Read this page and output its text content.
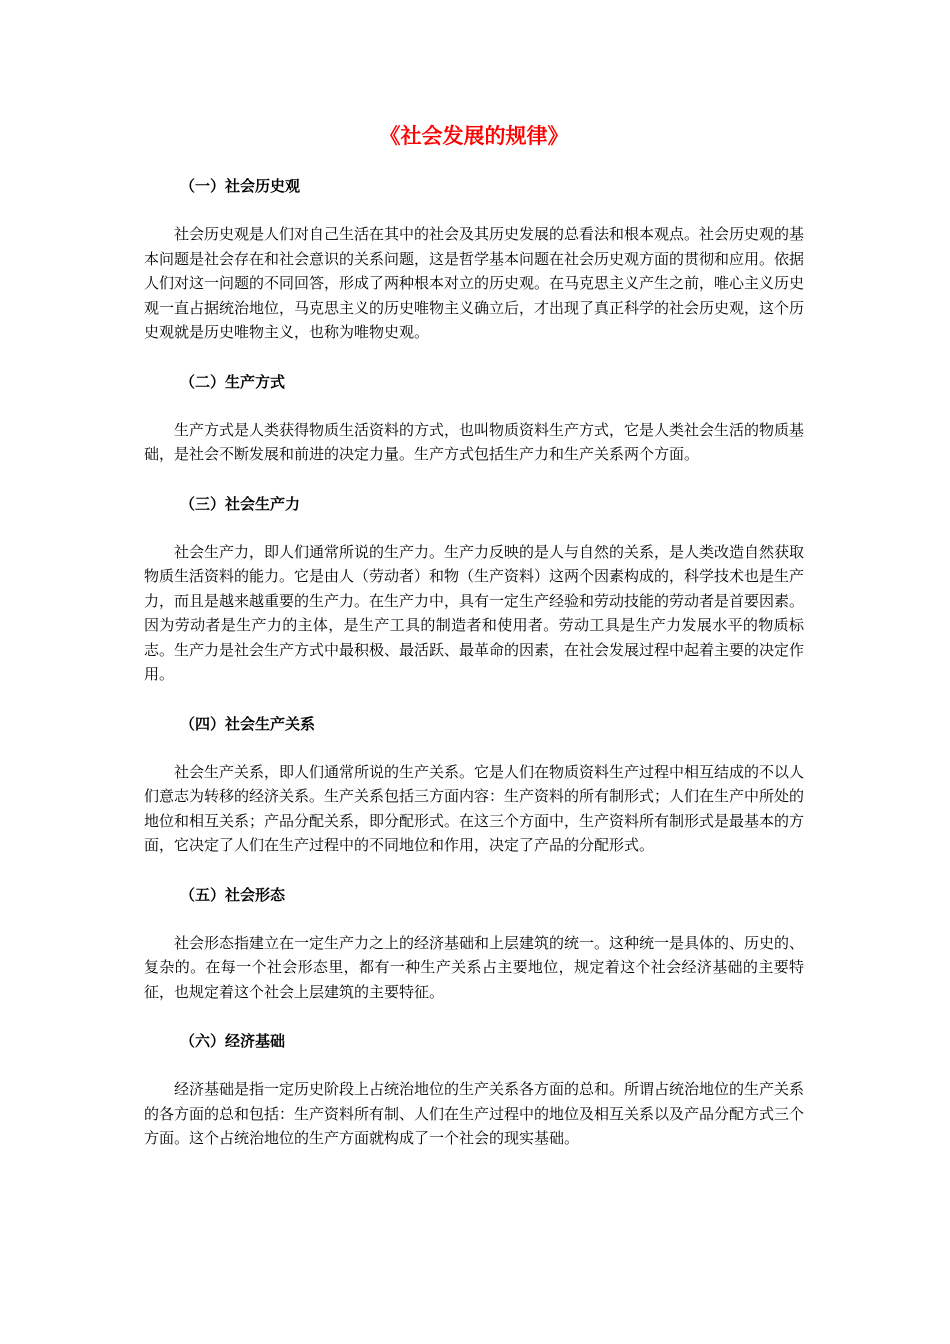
《社会发展的规律》
（一）社会历史观

社会历史观是人们对自己生活在其中的社会及其历史发展的总看法和根本观点。社会历史观的基本问题是社会存在和社会意识的关系问题，这是哲学基本问题在社会历史观方面的贯彻和应用。依据人们对这一问题的不同回答，形成了两种根本对立的历史观。在马克思主义产生之前，唯心主义历史观一直占据统治地位，马克思主义的历史唯物主义确立后，才出现了真正科学的社会历史观，这个历史观就是历史唯物主义，也称为唯物史观。

（二）生产方式

生产方式是人类获得物质生活资料的方式，也叫物质资料生产方式，它是人类社会生活的物质基础，是社会不断发展和前进的决定力量。生产方式包括生产力和生产关系两个方面。

（三）社会生产力

社会生产力，即人们通常所说的生产力。生产力反映的是人与自然的关系，是人类改造自然获取物质生活资料的能力。它是由人（劳动者）和物（生产资料）这两个因素构成的，科学技术也是生产力，而且是越来越重要的生产力。在生产力中，具有一定生产经验和劳动技能的劳动者是首要因素。因为劳动者是生产力的主体，是生产工具的制造者和使用者。劳动工具是生产力发展水平的物质标志。生产力是社会生产方式中最积极、最活跃、最革命的因素，在社会发展过程中起着主要的决定作用。

（四）社会生产关系

社会生产关系，即人们通常所说的生产关系。它是人们在物质资料生产过程中相互结成的不以人们意志为转移的经济关系。生产关系包括三方面内容：生产资料的所有制形式；人们在生产中所处的地位和相互关系；产品分配关系，即分配形式。在这三个方面中，生产资料所有制形式是最基本的方面，它决定了人们在生产过程中的不同地位和作用，决定了产品的分配形式。

（五）社会形态

社会形态指建立在一定生产力之上的经济基础和上层建筑的统一。这种统一是具体的、历史的、复杂的。在每一个社会形态里，都有一种生产关系占主要地位，规定着这个社会经济基础的主要特征，也规定着这个社会上层建筑的主要特征。

（六）经济基础

经济基础是指一定历史阶段上占统治地位的生产关系各方面的总和。所谓占统治地位的生产关系的各方面的总和包括：生产资料所有制、人们在生产过程中的地位及相互关系以及产品分配方式三个方面。这个占统治地位的生产方面就构成了一个社会的现实基础。
